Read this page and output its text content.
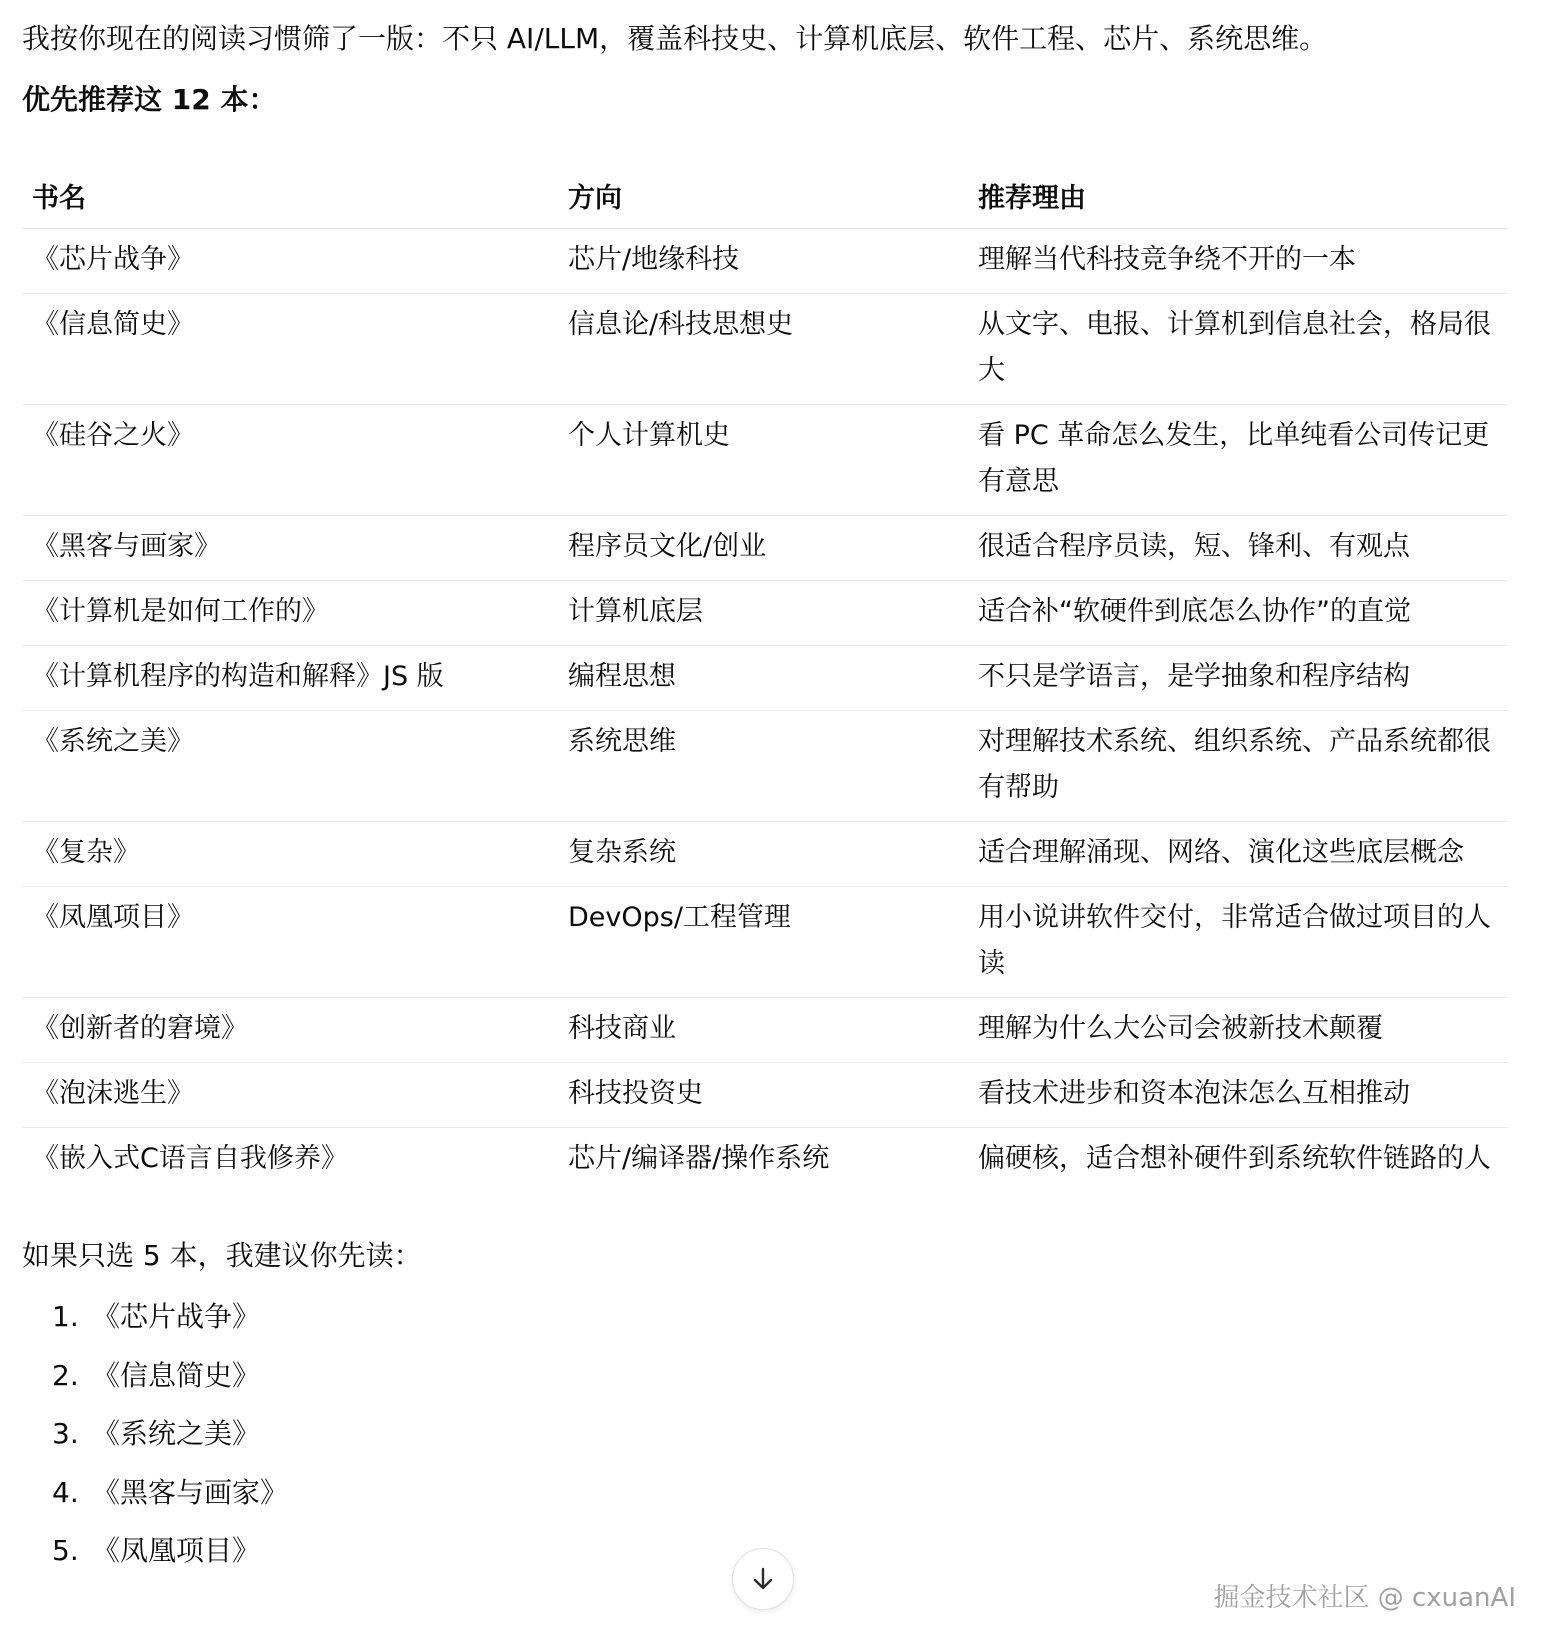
我按你现在的阅读习惯筛了一版：不只 AI/LLM，覆盖科技史、计算机底层、软件工程、芯片、系统思维。

优先推荐这 12 本：

书名	方向	推荐理由
《芯片战争》	芯片/地缘科技	理解当代科技竞争绕不开的一本
《信息简史》	信息论/科技思想史	从文字、电报、计算机到信息社会，格局很大
《硅谷之火》	个人计算机史	看 PC 革命怎么发生，比单纯看公司传记更有意思
《黑客与画家》	程序员文化/创业	很适合程序员读，短、锋利、有观点
《计算机是如何工作的》	计算机底层	适合补“软硬件到底怎么协作”的直觉
《计算机程序的构造和解释》JS 版	编程思想	不只是学语言，是学抽象和程序结构
《系统之美》	系统思维	对理解技术系统、组织系统、产品系统都很有帮助
《复杂》	复杂系统	适合理解涌现、网络、演化这些底层概念
《凤凰项目》	DevOps/工程管理	用小说讲软件交付，非常适合做过项目的人读
《创新者的窘境》	科技商业	理解为什么大公司会被新技术颠覆
《泡沫逃生》	科技投资史	看技术进步和资本泡沫怎么互相推动
《嵌入式C语言自我修养》	芯片/编译器/操作系统	偏硬核，适合想补硬件到系统软件链路的人

如果只选 5 本，我建议你先读：

1. 《芯片战争》
2. 《信息简史》
3. 《系统之美》
4. 《黑客与画家》
5. 《凤凰项目》
掘金技术社区 @ cxuanAI
